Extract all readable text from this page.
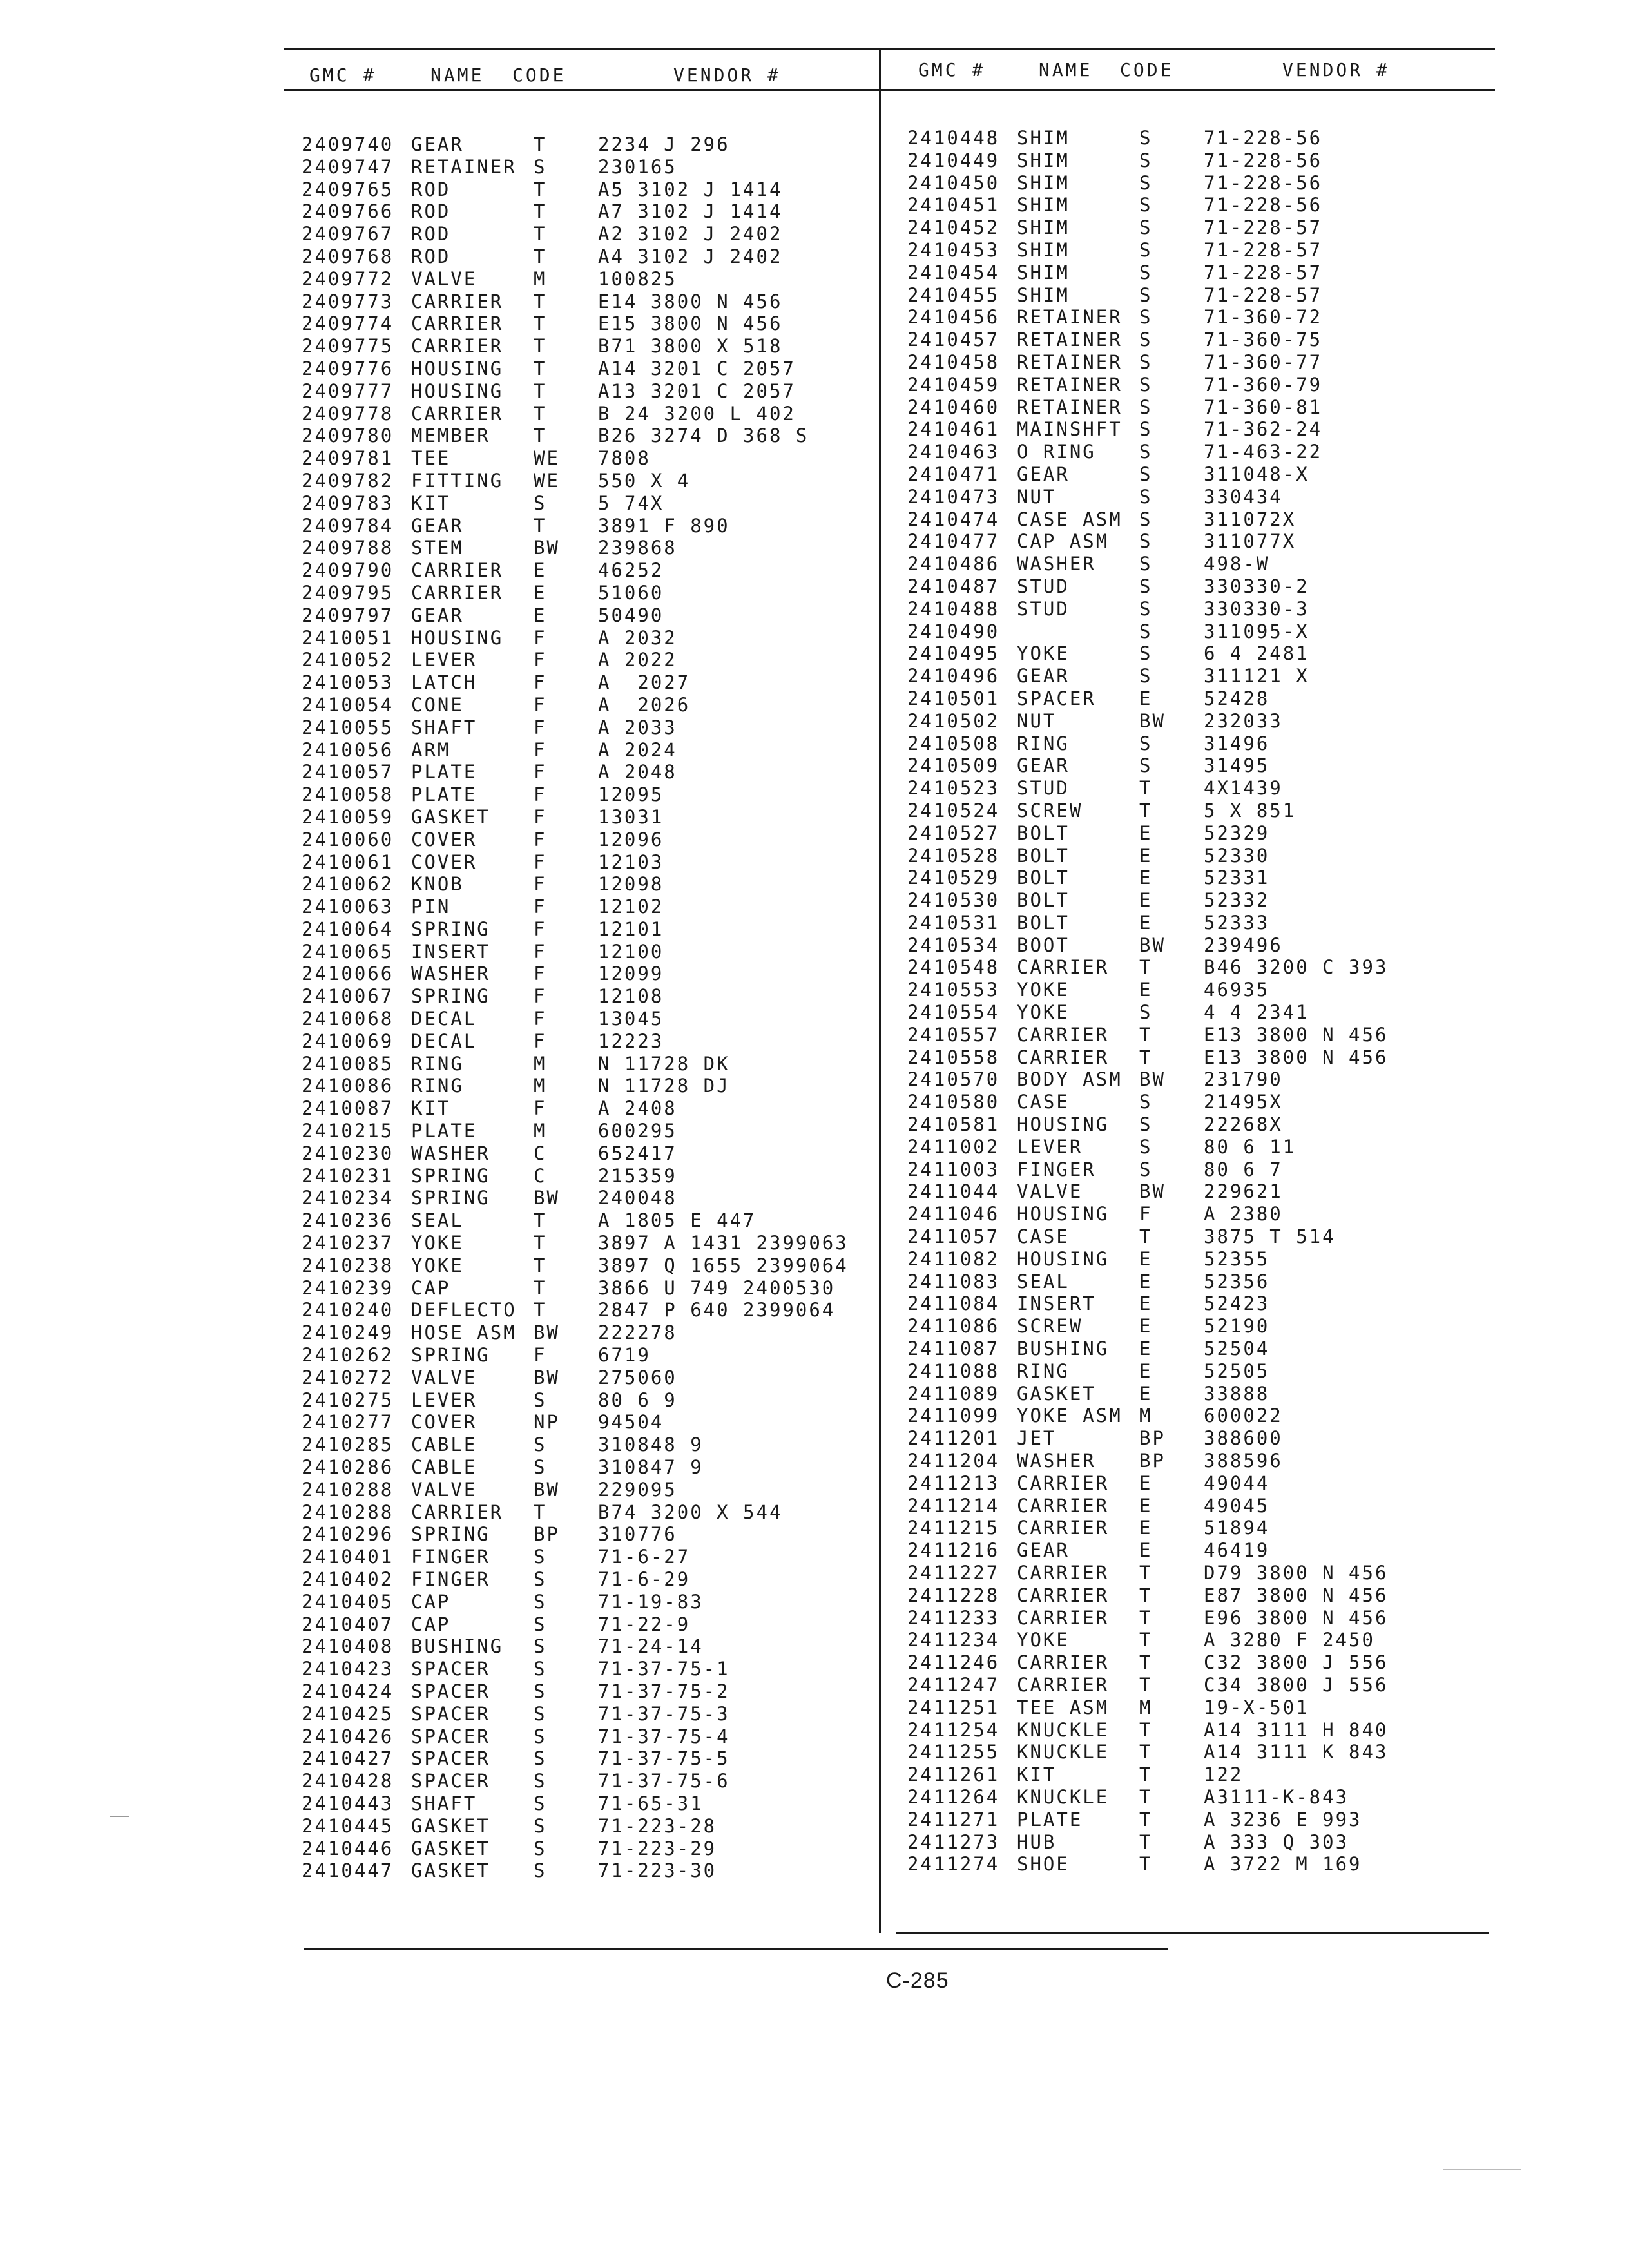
GMC #	NAME CODE	VENDOR #	GMC #	NAME CODE	VENDOR #
2409740 GEAR	T	2234 J 296
2409747 RETAINER S	230165
2409765 ROD	T	A5 3102 J 1414
2409766 ROD	T	A7 3102 J 1414
2409767 ROD	T	A2 3102 J 2402
2409768 ROD	T	A4 3102 J 2402
2409772 VALVE	M	100825
2409773 CARRIER T	E14 3800 N 456
2409774 CARRIER T	E15 3800 N 456
2409775 CARRIER T	B71 3800 X 518
2409776 HOUSING T	A14 3201 C 2057
2409777 HOUSING T	A13 3201 C 2057
2409778 CARRIER T	B 24 3200 L 402
2409780 MEMBER T	B26 3274 D 368 S
2409781 TEE	WE 7808
2409782 FITTING WE 550 X 4
2409783 KIT	S	5 74X
2409784 GEAR	T	3891 F 890
2409788 STEM	BW 239868
2409790 CARRIER E	46252
2409795 CARRIER E	51060
2409797 GEAR	E	50490
2410051 HOUSING F	A 2032
2410052 LEVER	F	A 2022
2410053 LATCH	F	A  2027
2410054 CONE	F	A  2026
2410055 SHAFT	F	A 2033
2410056 ARM	F	A 2024
2410057 PLATE	F	A 2048
2410058 PLATE	F	12095
2410059 GASKET F	13031
2410060 COVER	F	12096
2410061 COVER	F	12103
2410062 KNOB	F	12098
2410063 PIN	F	12102
2410064 SPRING F	12101
2410065 INSERT F	12100
2410066 WASHER F	12099
2410067 SPRING F	12108
2410068 DECAL	F	13045
2410069 DECAL	F	12223
2410085 RING	M	N 11728 DK
2410086 RING	M	N 11728 DJ
2410087 KIT	F	A 2408
2410215 PLATE	M	600295
2410230 WASHER C	652417
2410231 SPRING C	215359
2410234 SPRING BW 240048
2410236 SEAL	T	A 1805 E 447
2410237 YOKE	T	3897 A 1431 2399063
2410238 YOKE	T	3897 Q 1655 2399064
2410239 CAP	T	3866 U 749 2400530
2410240 DEFLECTO T	2847 P 640 2399064
2410249 HOSE ASM BW 222278
2410262 SPRING F	6719
2410272 VALVE	BW 275060
2410275 LEVER	S	80 6 9
2410277 COVER	NP 94504
2410285 CABLE	S	310848 9
2410286 CABLE	S	310847 9
2410288 VALVE	BW 229095
2410288 CARRIER T	B74 3200 X 544
2410296 SPRING BP 310776
2410401 FINGER S	71-6-27
2410402 FINGER S	71-6-29
2410405 CAP	S	71-19-83
2410407 CAP	S	71-22-9
2410408 BUSHING S	71-24-14
2410423 SPACER S	71-37-75-1
2410424 SPACER S	71-37-75-2
2410425 SPACER S	71-37-75-3
2410426 SPACER S	71-37-75-4
2410427 SPACER S	71-37-75-5
2410428 SPACER S	71-37-75-6
2410443 SHAFT	S	71-65-31
2410445 GASKET S	71-223-28
2410446 GASKET S	71-223-29
2410447 GASKET S	71-223-30
2410448 SHIM	S	71-228-56
2410449 SHIM	S	71-228-56
2410450 SHIM	S	71-228-56
2410451 SHIM	S	71-228-56
2410452 SHIM	S	71-228-57
2410453 SHIM	S	71-228-57
2410454 SHIM	S	71-228-57
2410455 SHIM	S	71-228-57
2410456 RETAINER S	71-360-72
2410457 RETAINER S	71-360-75
2410458 RETAINER S	71-360-77
2410459 RETAINER S	71-360-79
2410460 RETAINER S	71-360-81
2410461 MAINSHFT S	71-362-24
2410463 O RING S	71-463-22
2410471 GEAR	S	311048-X
2410473 NUT	S	330434
2410474 CASE ASM S	311072X
2410477 CAP ASM S	311077X
2410486 WASHER S	498-W
2410487 STUD	S	330330-2
2410488 STUD	S	330330-3
2410490	S	311095-X
2410495 YOKE	S	6 4 2481
2410496 GEAR	S	311121 X
2410501 SPACER E	52428
2410502 NUT	BW 232033
2410508 RING	S	31496
2410509 GEAR	S	31495
2410523 STUD	T	4X1439
2410524 SCREW	T	5 X 851
2410527 BOLT	E	52329
2410528 BOLT	E	52330
2410529 BOLT	E	52331
2410530 BOLT	E	52332
2410531 BOLT	E	52333
2410534 BOOT	BW 239496
2410548 CARRIER T	B46 3200 C 393
2410553 YOKE	E	46935
2410554 YOKE	S	4 4 2341
2410557 CARRIER T	E13 3800 N 456
2410558 CARRIER T	E13 3800 N 456
2410570 BODY ASM BW 231790
2410580 CASE	S	21495X
2410581 HOUSING S	22268X
2411002 LEVER	S	80 6 11
2411003 FINGER S	80 6 7
2411044 VALVE	BW 229621
2411046 HOUSING F	A 2380
2411057 CASE	T	3875 T 514
2411082 HOUSING E	52355
2411083 SEAL	E	52356
2411084 INSERT E	52423
2411086 SCREW	E	52190
2411087 BUSHING E	52504
2411088 RING	E	52505
2411089 GASKET E	33888
2411099 YOKE ASM M	600022
2411201 JET	BP 388600
2411204 WASHER BP 388596
2411213 CARRIER E	49044
2411214 CARRIER E	49045
2411215 CARRIER E	51894
2411216 GEAR	E	46419
2411227 CARRIER T	D79 3800 N 456
2411228 CARRIER T	E87 3800 N 456
2411233 CARRIER T	E96 3800 N 456
2411234 YOKE	T	A 3280 F 2450
2411246 CARRIER T	C32 3800 J 556
2411247 CARRIER T	C34 3800 J 556
2411251 TEE ASM M	19-X-501
2411254 KNUCKLE T	A14 3111 H 840
2411255 KNUCKLE T	A14 3111 K 843
2411261 KIT	T	122
2411264 KNUCKLE T	A3111-K-843
2411271 PLATE	T	A 3236 E 993
2411273 HUB	T	A 333 Q 303
2411274 SHOE	T	A 3722 M 169
C-285
